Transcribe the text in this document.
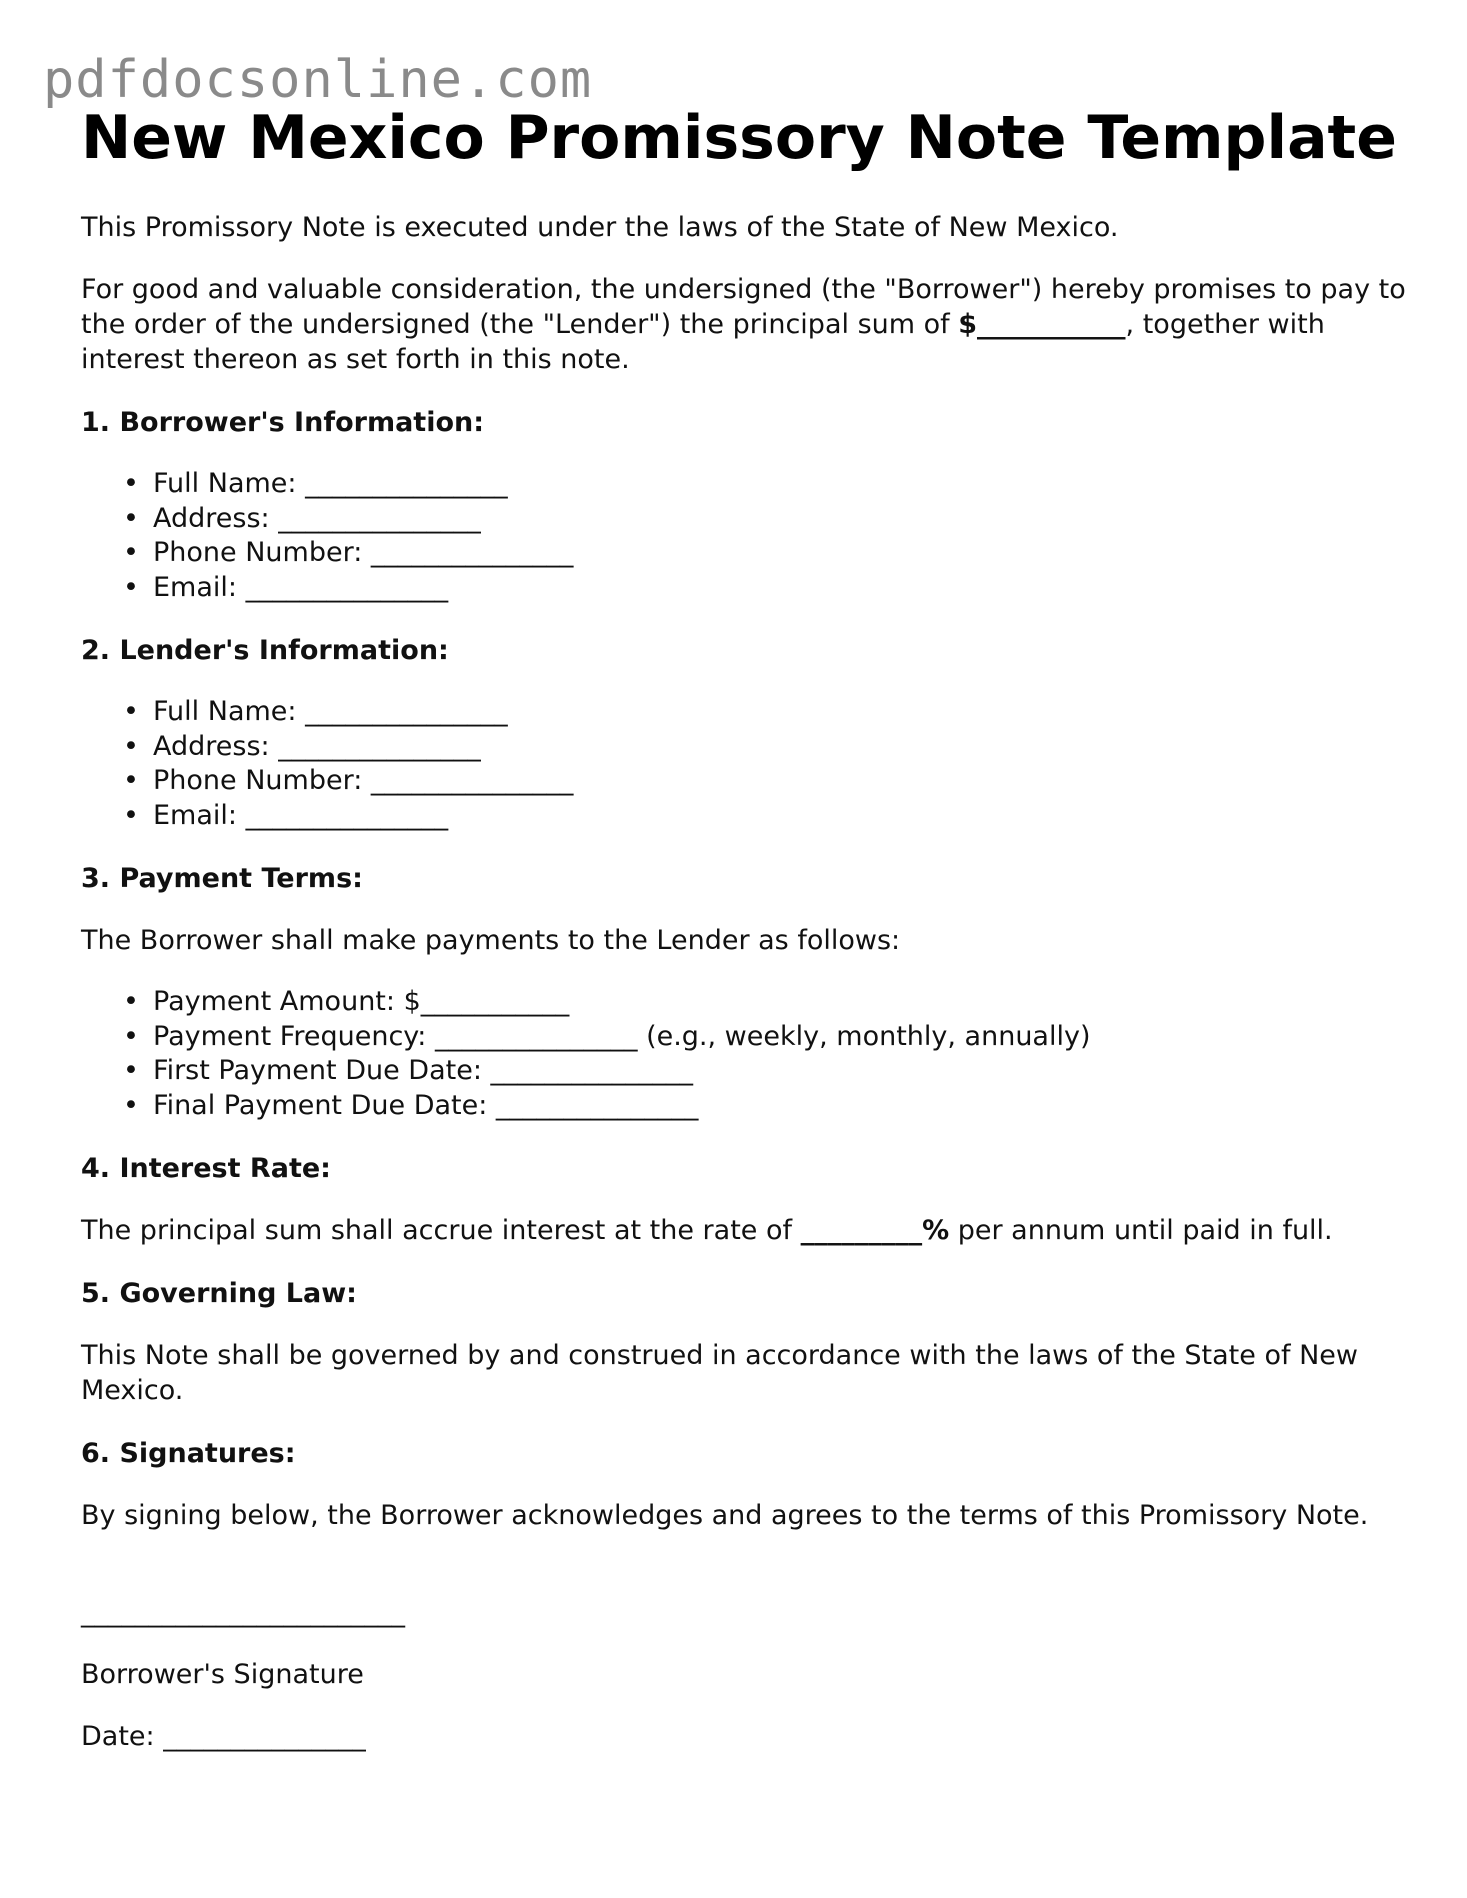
pdfdocsonline.com
New Mexico Promissory Note Template

This Promissory Note is executed under the laws of the State of New Mexico.

For good and valuable consideration, the undersigned (the "Borrower") hereby promises to pay to the order of the undersigned (the "Lender") the principal sum of $___________, together with interest thereon as set forth in this note.

1. Borrower's Information:
• Full Name: _______________
• Address: _______________
• Phone Number: _______________
• Email: _______________
2. Lender's Information:
• Full Name: _______________
• Address: _______________
• Phone Number: _______________
• Email: _______________
3. Payment Terms:

The Borrower shall make payments to the Lender as follows:

• Payment Amount: $___________
• Payment Frequency: _______________ (e.g., weekly, monthly, annually)
• First Payment Due Date: _______________
• Final Payment Due Date: _______________
4. Interest Rate:

The principal sum shall accrue interest at the rate of _________% per annum until paid in full.

5. Governing Law:

This Note shall be governed by and construed in accordance with the laws of the State of New Mexico.

6. Signatures:

By signing below, the Borrower acknowledges and agrees to the terms of this Promissory Note.

________________________

Borrower's Signature

Date: _______________
